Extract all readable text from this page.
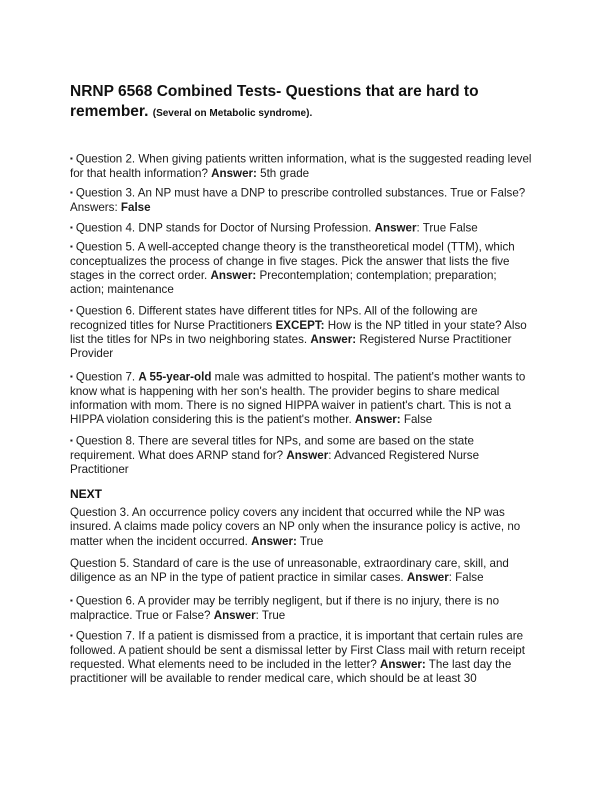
NRNP 6568 Combined Tests- Questions that are hard to remember. (Several on Metabolic syndrome).
▪ Question 2. When giving patients written information, what is the suggested reading level for that health information? Answer: 5th grade
▪ Question 3. An NP must have a DNP to prescribe controlled substances. True or False? Answers: False
▪ Question 4. DNP stands for Doctor of Nursing Profession. Answer: True False
▪ Question 5. A well-accepted change theory is the transtheoretical model (TTM), which conceptualizes the process of change in five stages. Pick the answer that lists the five stages in the correct order. Answer: Precontemplation; contemplation; preparation; action; maintenance
▪ Question 6. Different states have different titles for NPs. All of the following are recognized titles for Nurse Practitioners EXCEPT: How is the NP titled in your state? Also list the titles for NPs in two neighboring states. Answer: Registered Nurse Practitioner Provider
▪ Question 7. A 55-year-old male was admitted to hospital. The patient's mother wants to know what is happening with her son's health. The provider begins to share medical information with mom. There is no signed HIPPA waiver in patient's chart. This is not a HIPPA violation considering this is the patient's mother. Answer: False
▪ Question 8. There are several titles for NPs, and some are based on the state requirement. What does ARNP stand for? Answer: Advanced Registered Nurse Practitioner
NEXT
Question 3. An occurrence policy covers any incident that occurred while the NP was insured. A claims made policy covers an NP only when the insurance policy is active, no matter when the incident occurred. Answer: True
Question 5. Standard of care is the use of unreasonable, extraordinary care, skill, and diligence as an NP in the type of patient practice in similar cases. Answer: False
▪ Question 6. A provider may be terribly negligent, but if there is no injury, there is no malpractice. True or False? Answer: True
▪ Question 7. If a patient is dismissed from a practice, it is important that certain rules are followed. A patient should be sent a dismissal letter by First Class mail with return receipt requested. What elements need to be included in the letter? Answer: The last day the practitioner will be available to render medical care, which should be at least 30
